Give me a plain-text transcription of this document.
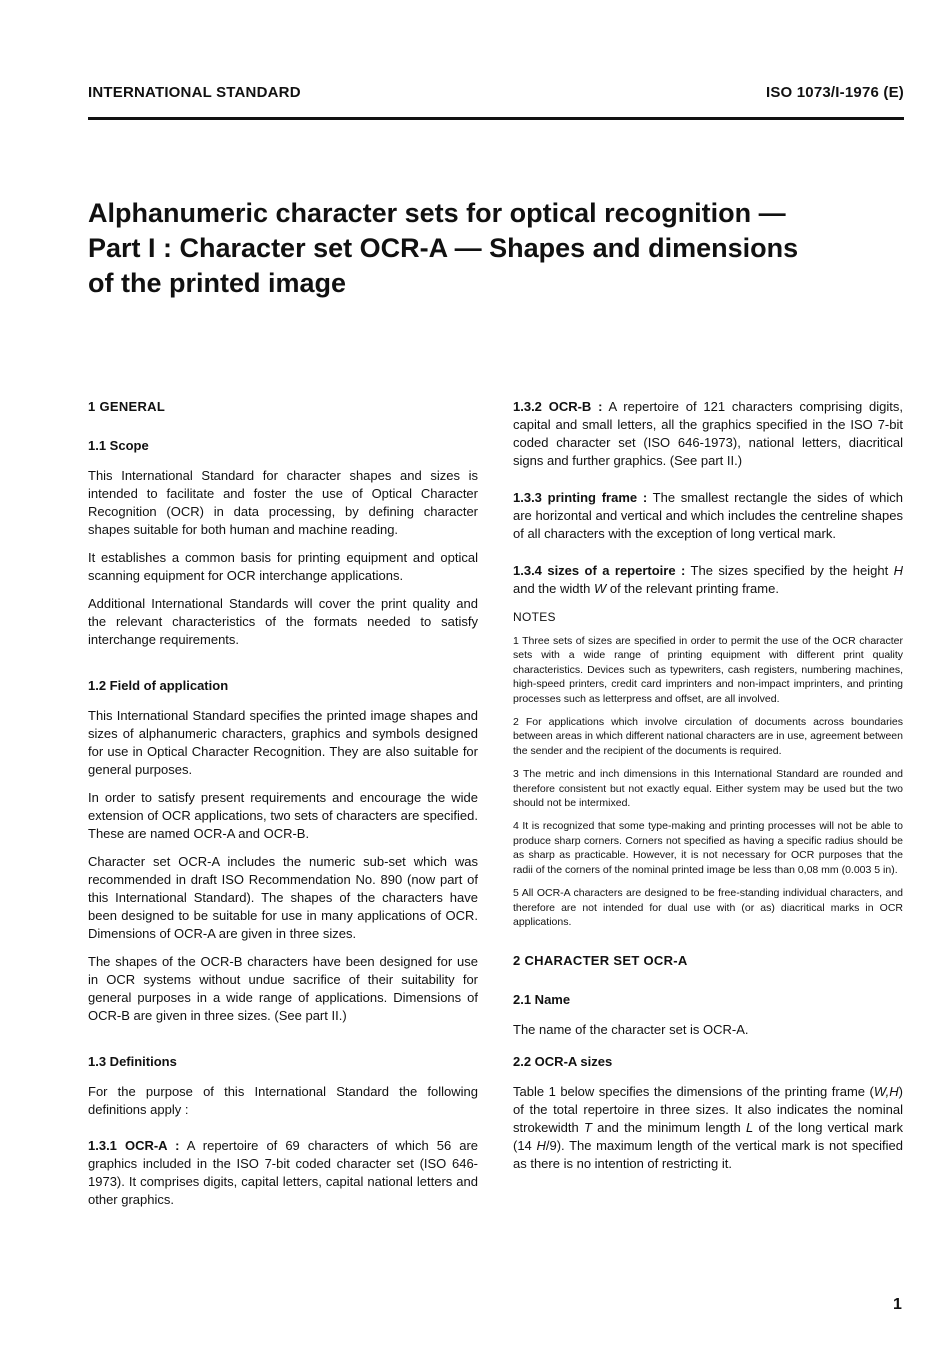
INTERNATIONAL STANDARD	ISO 1073/I-1976 (E)
Alphanumeric character sets for optical recognition —
Part I : Character set OCR-A — Shapes and dimensions
of the printed image
1 GENERAL
1.1 Scope

This International Standard for character shapes and sizes is intended to facilitate and foster the use of Optical Character Recognition (OCR) in data processing, by defining character shapes suitable for both human and machine reading.

It establishes a common basis for printing equipment and optical scanning equipment for OCR interchange applications.

Additional International Standards will cover the print quality and the relevant characteristics of the formats needed to satisfy interchange requirements.

1.2 Field of application

This International Standard specifies the printed image shapes and sizes of alphanumeric characters, graphics and symbols designed for use in Optical Character Recognition. They are also suitable for general purposes.

In order to satisfy present requirements and encourage the wide extension of OCR applications, two sets of characters are specified. These are named OCR-A and OCR-B.

Character set OCR-A includes the numeric sub-set which was recommended in draft ISO Recommendation No. 890 (now part of this International Standard). The shapes of the characters have been designed to be suitable for use in many applications of OCR. Dimensions of OCR-A are given in three sizes.

The shapes of the OCR-B characters have been designed for use in OCR systems without undue sacrifice of their suitability for general purposes in a wide range of applications. Dimensions of OCR-B are given in three sizes. (See part II.)

1.3 Definitions

For the purpose of this International Standard the following definitions apply :

1.3.1 OCR-A : A repertoire of 69 characters of which 56 are graphics included in the ISO 7-bit coded character set (ISO 646-1973). It comprises digits, capital letters, capital national letters and other graphics.

1.3.2 OCR-B : A repertoire of 121 characters comprising digits, capital and small letters, all the graphics specified in the ISO 7-bit coded character set (ISO 646-1973), national letters, diacritical signs and further graphics. (See part II.)

1.3.3 printing frame : The smallest rectangle the sides of which are horizontal and vertical and which includes the centreline shapes of all characters with the exception of long vertical mark.

1.3.4 sizes of a repertoire : The sizes specified by the height H and the width W of the relevant printing frame.

NOTES
1 Three sets of sizes are specified in order to permit the use of the OCR character sets with a wide range of printing equipment with different print quality characteristics. Devices such as typewriters, cash registers, numbering machines, high-speed printers, credit card imprinters and non-impact imprinters, and printing processes such as letterpress and offset, are all involved.
2 For applications which involve circulation of documents across boundaries between areas in which different national characters are in use, agreement between the sender and the recipient of the documents is required.
3 The metric and inch dimensions in this International Standard are rounded and therefore consistent but not exactly equal. Either system may be used but the two should not be intermixed.
4 It is recognized that some type-making and printing processes will not be able to produce sharp corners. Corners not specified as having a specific radius should be as sharp as practicable. However, it is not necessary for OCR purposes that the radii of the corners of the nominal printed image be less than 0,08 mm (0.003 5 in).
5 All OCR-A characters are designed to be free-standing individual characters, and therefore are not intended for dual use with (or as) diacritical marks in OCR applications.
2 CHARACTER SET OCR-A
2.1 Name

The name of the character set is OCR-A.

2.2 OCR-A sizes

Table 1 below specifies the dimensions of the printing frame (W,H) of the total repertoire in three sizes. It also indicates the nominal strokewidth T and the minimum length L of the long vertical mark (14 H/9). The maximum length of the vertical mark is not specified as there is no intention of restricting it.

1
